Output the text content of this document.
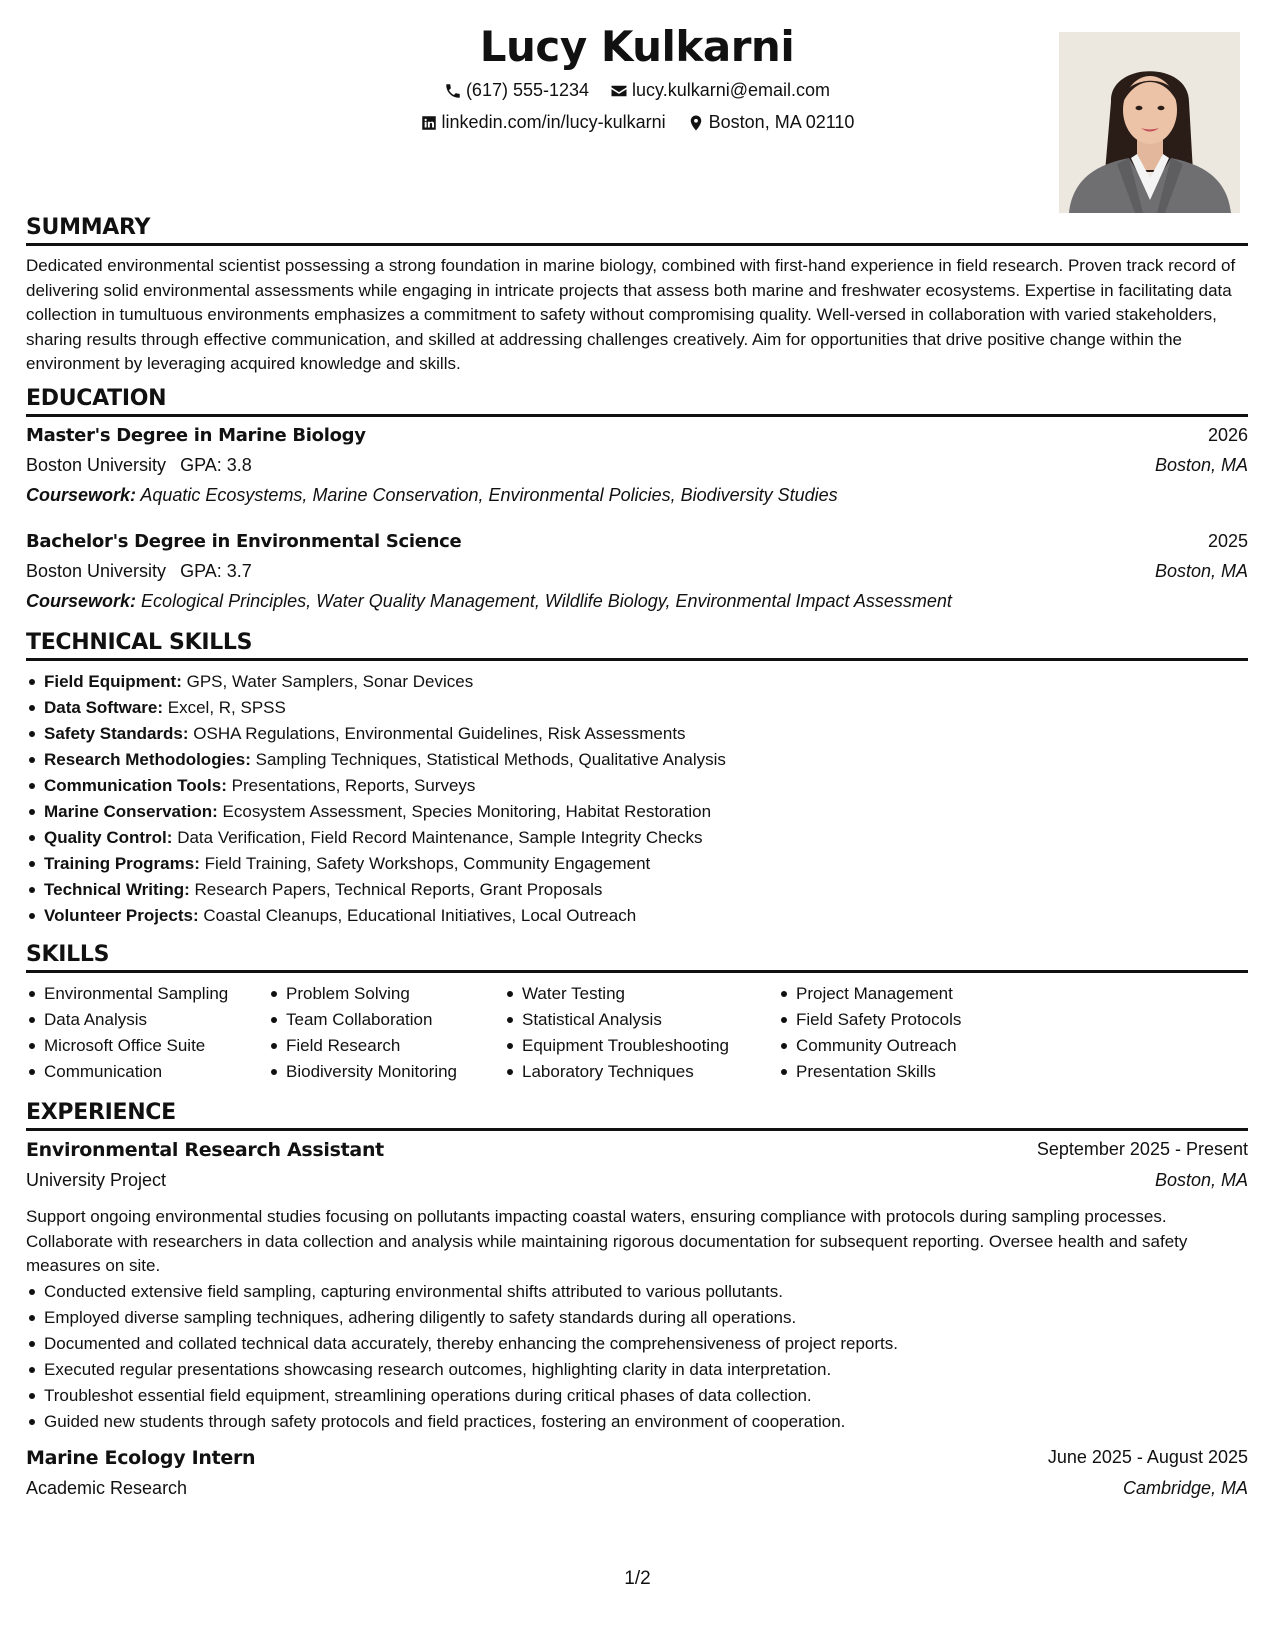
Lucy Kulkarni
(617) 555-1234
lucy.kulkarni@email.com
linkedin.com/in/lucy-kulkarni
Boston, MA 02110
SUMMARY
Dedicated environmental scientist possessing a strong foundation in marine biology, combined with first-hand experience in field research. Proven track record of delivering solid environmental assessments while engaging in intricate projects that assess both marine and freshwater ecosystems. Expertise in facilitating data collection in tumultuous environments emphasizes a commitment to safety without compromising quality. Well-versed in collaboration with varied stakeholders, sharing results through effective communication, and skilled at addressing challenges creatively. Aim for opportunities that drive positive change within the environment by leveraging acquired knowledge and skills.
EDUCATION
Master's Degree in Marine Biology	2026
Boston University GPA: 3.8	Boston, MA
Coursework: Aquatic Ecosystems, Marine Conservation, Environmental Policies, Biodiversity Studies
Bachelor's Degree in Environmental Science	2025
Boston University GPA: 3.7	Boston, MA
Coursework: Ecological Principles, Water Quality Management, Wildlife Biology, Environmental Impact Assessment
TECHNICAL SKILLS
Field Equipment: GPS, Water Samplers, Sonar Devices
Data Software: Excel, R, SPSS
Safety Standards: OSHA Regulations, Environmental Guidelines, Risk Assessments
Research Methodologies: Sampling Techniques, Statistical Methods, Qualitative Analysis
Communication Tools: Presentations, Reports, Surveys
Marine Conservation: Ecosystem Assessment, Species Monitoring, Habitat Restoration
Quality Control: Data Verification, Field Record Maintenance, Sample Integrity Checks
Training Programs: Field Training, Safety Workshops, Community Engagement
Technical Writing: Research Papers, Technical Reports, Grant Proposals
Volunteer Projects: Coastal Cleanups, Educational Initiatives, Local Outreach
SKILLS
Environmental Sampling
Data Analysis
Microsoft Office Suite
Communication
Problem Solving
Team Collaboration
Field Research
Biodiversity Monitoring
Water Testing
Statistical Analysis
Equipment Troubleshooting
Laboratory Techniques
Project Management
Field Safety Protocols
Community Outreach
Presentation Skills
EXPERIENCE
Environmental Research Assistant	September 2025 - Present
University Project	Boston, MA
Support ongoing environmental studies focusing on pollutants impacting coastal waters, ensuring compliance with protocols during sampling processes. Collaborate with researchers in data collection and analysis while maintaining rigorous documentation for subsequent reporting. Oversee health and safety measures on site.
Conducted extensive field sampling, capturing environmental shifts attributed to various pollutants.
Employed diverse sampling techniques, adhering diligently to safety standards during all operations.
Documented and collated technical data accurately, thereby enhancing the comprehensiveness of project reports.
Executed regular presentations showcasing research outcomes, highlighting clarity in data interpretation.
Troubleshot essential field equipment, streamlining operations during critical phases of data collection.
Guided new students through safety protocols and field practices, fostering an environment of cooperation.
Marine Ecology Intern	June 2025 - August 2025
Academic Research	Cambridge, MA
1/2
